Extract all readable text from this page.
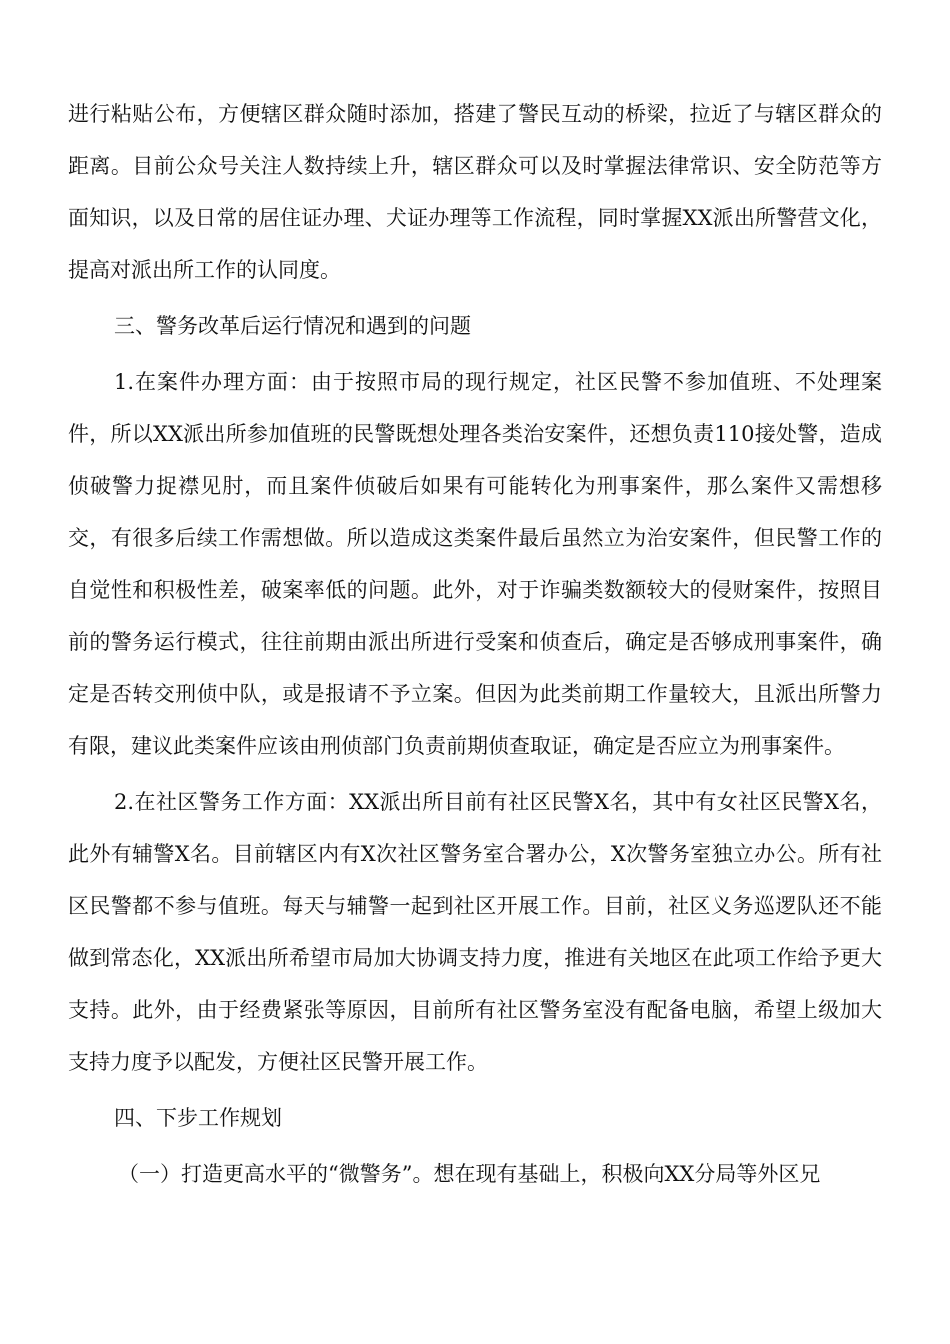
进行粘贴公布，方便辖区群众随时添加，搭建了警民互动的桥梁，拉近了与辖区群众的距离。目前公众号关注人数持续上升，辖区群众可以及时掌握法律常识、安全防范等方面知识，以及日常的居住证办理、犬证办理等工作流程，同时掌握XX派出所警营文化，提高对派出所工作的认同度。

三、警务改革后运行情况和遇到的问题

1.在案件办理方面：由于按照市局的现行规定，社区民警不参加值班、不处理案件，所以XX派出所参加值班的民警既想处理各类治安案件，还想负责110接处警，造成侦破警力捉襟见肘，而且案件侦破后如果有可能转化为刑事案件，那么案件又需想移交，有很多后续工作需想做。所以造成这类案件最后虽然立为治安案件，但民警工作的自觉性和积极性差，破案率低的问题。此外，对于诈骗类数额较大的侵财案件，按照目前的警务运行模式，往往前期由派出所进行受案和侦查后，确定是否够成刑事案件，确定是否转交刑侦中队，或是报请不予立案。但因为此类前期工作量较大，且派出所警力有限，建议此类案件应该由刑侦部门负责前期侦查取证，确定是否应立为刑事案件。

2.在社区警务工作方面：XX派出所目前有社区民警X名，其中有女社区民警X名，此外有辅警X名。目前辖区内有X次社区警务室合署办公，X次警务室独立办公。所有社区民警都不参与值班。每天与辅警一起到社区开展工作。目前，社区义务巡逻队还不能做到常态化，XX派出所希望市局加大协调支持力度，推进有关地区在此项工作给予更大支持。此外，由于经费紧张等原因，目前所有社区警务室没有配备电脑，希望上级加大支持力度予以配发，方便社区民警开展工作。

四、下步工作规划

（一）打造更高水平的“微警务”。想在现有基础上，积极向XX分局等外区兄
